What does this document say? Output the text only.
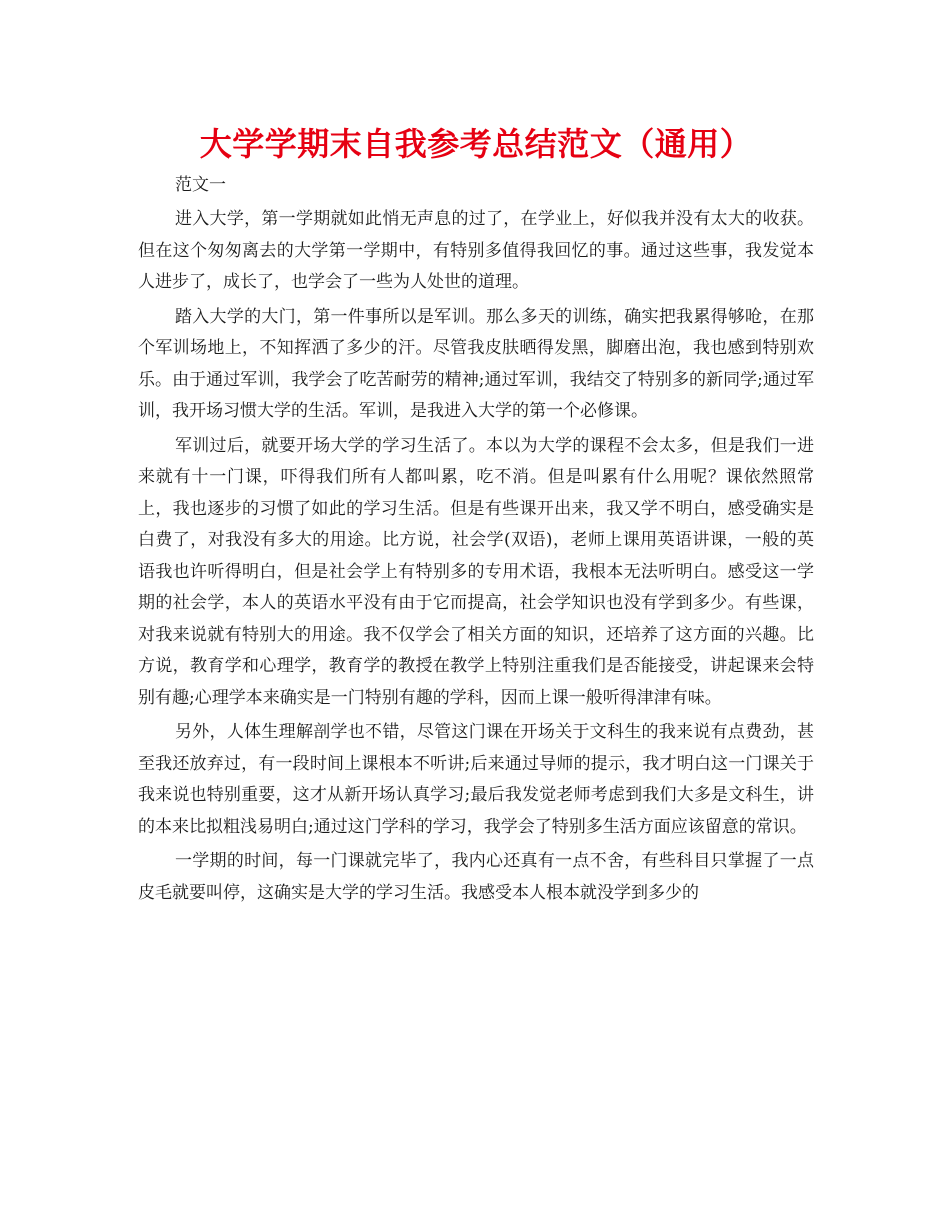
大学学期末自我参考总结范文（通用）

范文一

进入大学，第一学期就如此悄无声息的过了，在学业上，好似我并没有太大的收获。但在这个匆匆离去的大学第一学期中，有特别多值得我回忆的事。通过这些事，我发觉本人进步了，成长了，也学会了一些为人处世的道理。

踏入大学的大门，第一件事所以是军训。那么多天的训练，确实把我累得够呛，在那个军训场地上，不知挥洒了多少的汗。尽管我皮肤晒得发黑，脚磨出泡，我也感到特别欢乐。由于通过军训，我学会了吃苦耐劳的精神;通过军训，我结交了特别多的新同学;通过军训，我开场习惯大学的生活。军训，是我进入大学的第一个必修课。

军训过后，就要开场大学的学习生活了。本以为大学的课程不会太多，但是我们一进来就有十一门课，吓得我们所有人都叫累，吃不消。但是叫累有什么用呢？课依然照常上，我也逐步的习惯了如此的学习生活。但是有些课开出来，我又学不明白，感受确实是白费了，对我没有多大的用途。比方说，社会学(双语)，老师上课用英语讲课，一般的英语我也许听得明白，但是社会学上有特别多的专用术语，我根本无法听明白。感受这一学期的社会学，本人的英语水平没有由于它而提高，社会学知识也没有学到多少。有些课，对我来说就有特别大的用途。我不仅学会了相关方面的知识，还培养了这方面的兴趣。比方说，教育学和心理学，教育学的教授在教学上特别注重我们是否能接受，讲起课来会特别有趣;心理学本来确实是一门特别有趣的学科，因而上课一般听得津津有味。

另外，人体生理解剖学也不错，尽管这门课在开场关于文科生的我来说有点费劲，甚至我还放弃过，有一段时间上课根本不听讲;后来通过导师的提示，我才明白这一门课关于我来说也特别重要，这才从新开场认真学习;最后我发觉老师考虑到我们大多是文科生，讲的本来比拟粗浅易明白;通过这门学科的学习，我学会了特别多生活方面应该留意的常识。

一学期的时间，每一门课就完毕了，我内心还真有一点不舍，有些科目只掌握了一点皮毛就要叫停，这确实是大学的学习生活。我感受本人根本就没学到多少的
